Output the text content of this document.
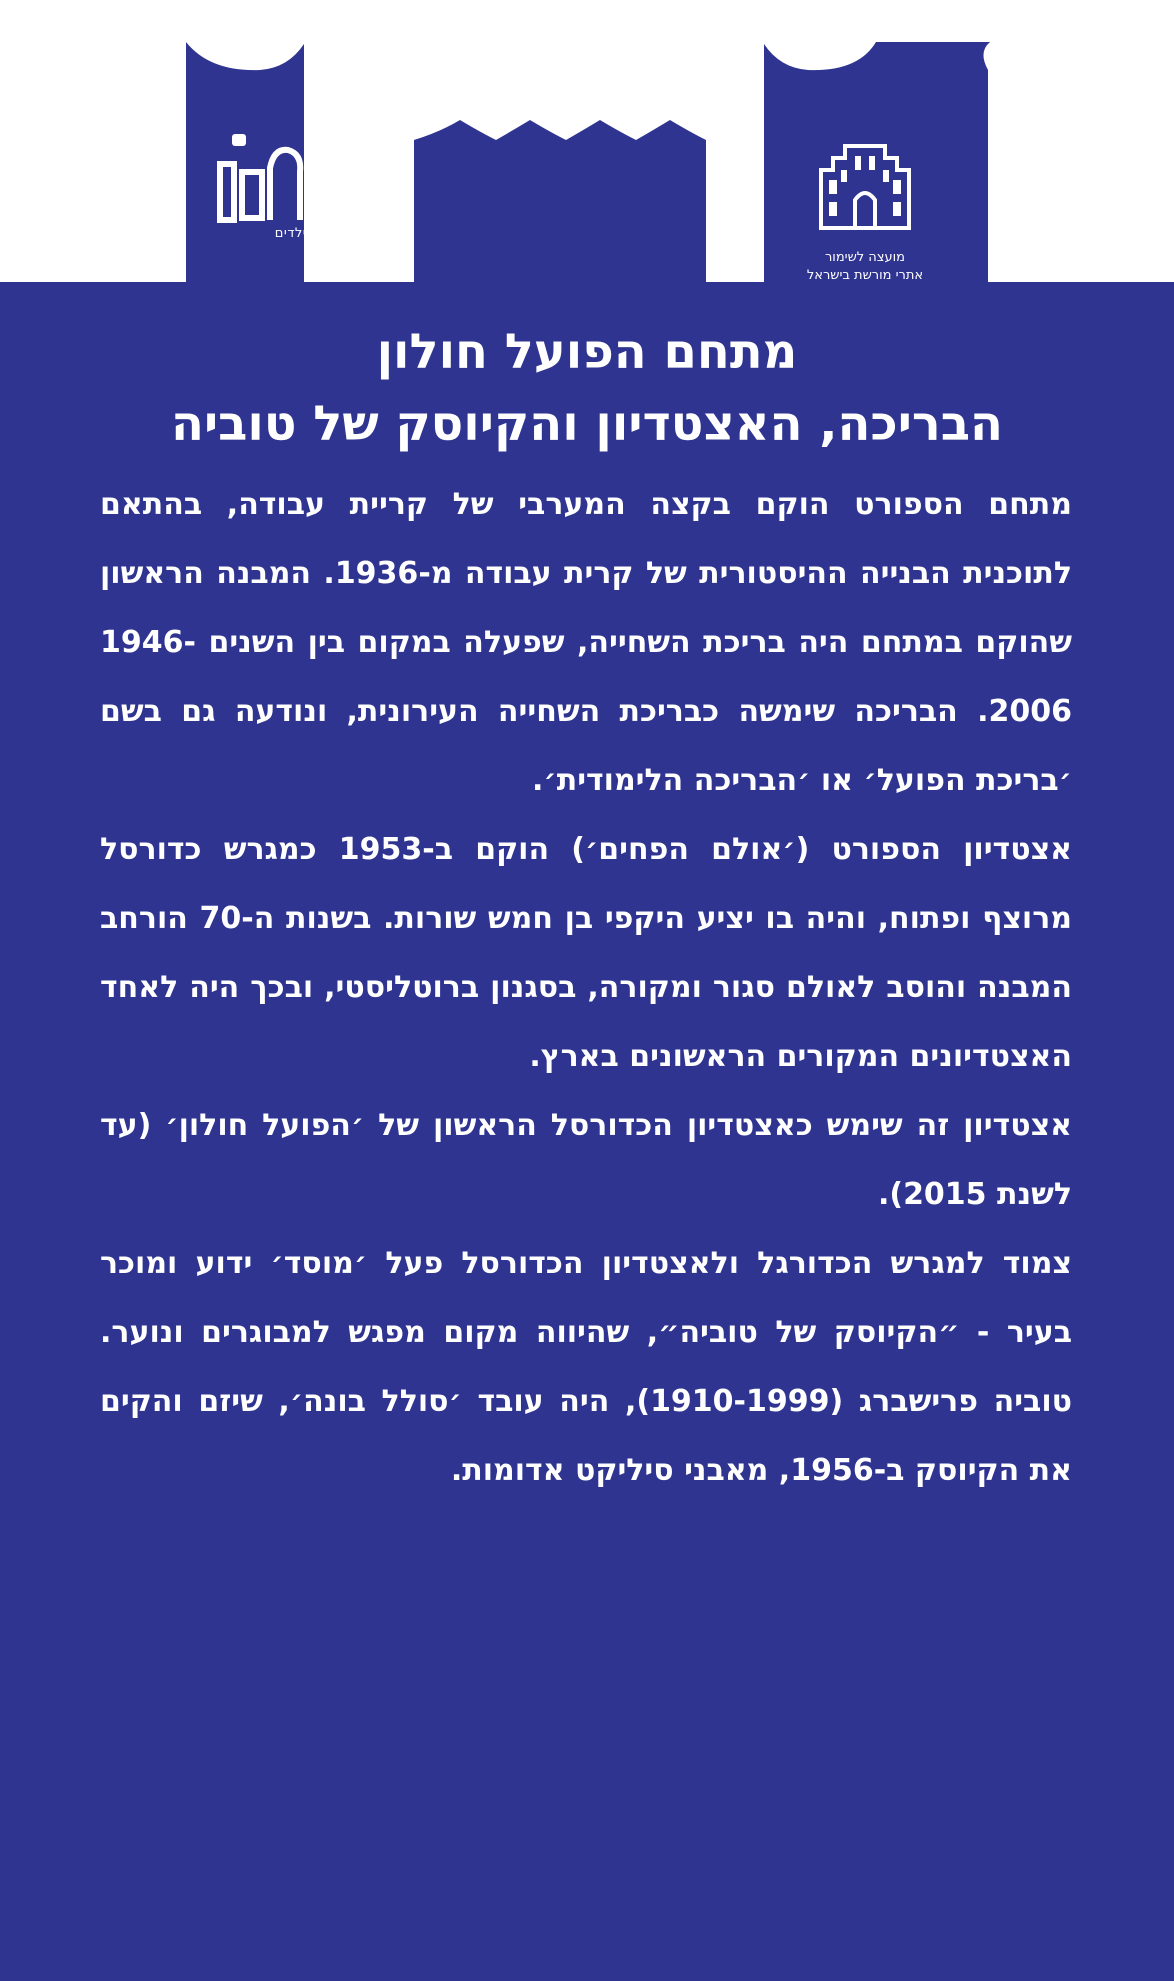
חולון. עיר הילדים
מועצה לשימור
אתרי מורשת בישראל
מתחם הפועל חולון
הבריכה, האצטדיון והקיוסק של טוביה

מתחם הספורט הוקם בקצה המערבי של קריית עבודה, בהתאם לתוכנית הבנייה ההיסטורית של קרית עבודה מ-1936. המבנה הראשון שהוקם במתחם היה בריכת השחייה, שפעלה במקום בין השנים 1946-2006. הבריכה שימשה כבריכת השחייה העירונית, ונודעה גם בשם ׳בריכת הפועל׳ או ׳הבריכה הלימודית׳.

אצטדיון הספורט (׳אולם הפחים׳) הוקם ב-1953 כמגרש כדורסל מרוצף ופתוח, והיה בו יציע היקפי בן חמש שורות. בשנות ה-70 הורחב המבנה והוסב לאולם סגור ומקורה, בסגנון ברוטליסטי, ובכך היה לאחד האצטדיונים המקורים הראשונים בארץ.

אצטדיון זה שימש כאצטדיון הכדורסל הראשון של ׳הפועל חולון׳ (עד לשנת 2015).

צמוד למגרש הכדורגל ולאצטדיון הכדורסל פעל ׳מוסד׳ ידוע ומוכר בעיר - ״הקיוסק של טוביה״, שהיווה מקום מפגש למבוגרים ונוער. טוביה פרישברג (1910-1999), היה עובד ׳סולל בונה׳, שיזם והקים את הקיוסק ב-1956, מאבני סיליקט אדומות.
